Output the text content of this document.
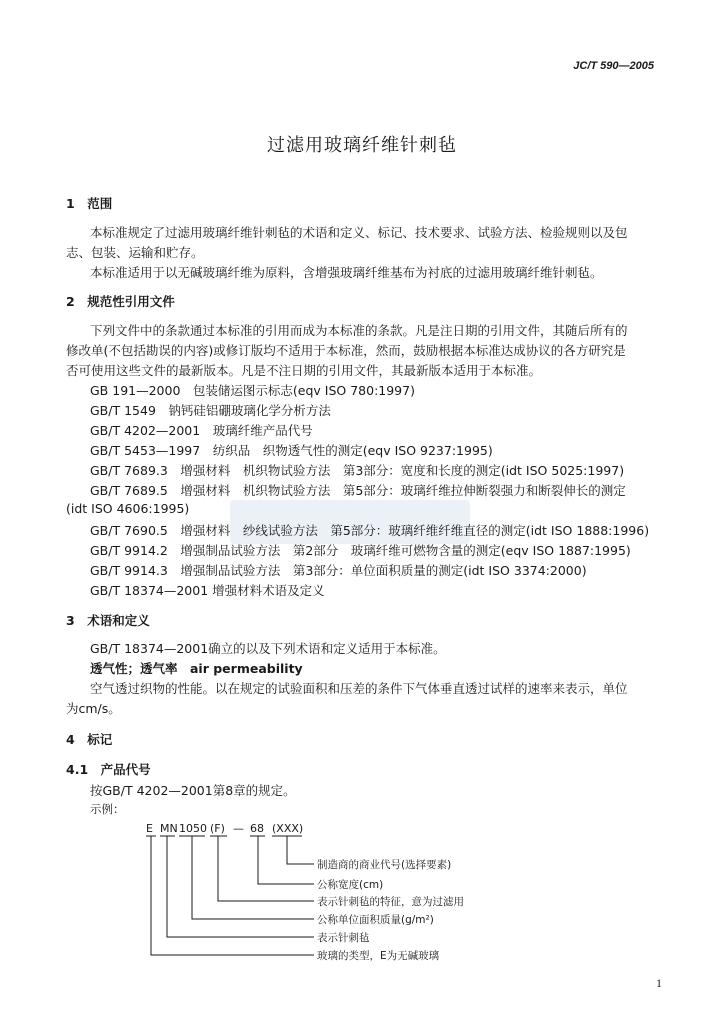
JC/T 590—2005
过滤用玻璃纤维针刺毡
1　范围
本标准规定了过滤用玻璃纤维针刺毡的术语和定义、标记、技术要求、试验方法、检验规则以及包
志、包装、运输和贮存。
本标准适用于以无碱玻璃纤维为原料，含增强玻璃纤维基布为衬底的过滤用玻璃纤维针刺毡。
2　规范性引用文件
下列文件中的条款通过本标准的引用而成为本标准的条款。凡是注日期的引用文件，其随后所有的
修改单(不包括勘误的内容)或修订版均不适用于本标准，然而，鼓励根据本标准达成协议的各方研究是
否可使用这些文件的最新版本。凡是不注日期的引用文件，其最新版本适用于本标准。
GB 191—2000　包装储运图示标志(eqv ISO 780:1997)
GB/T 1549　钠钙硅铝硼玻璃化学分析方法
GB/T 4202—2001　玻璃纤维产品代号
GB/T 5453—1997　纺织品　织物透气性的测定(eqv ISO 9237:1995)
GB/T 7689.3　增强材料　机织物试验方法　第3部分：宽度和长度的测定(idt ISO 5025:1997)
GB/T 7689.5　增强材料　机织物试验方法　第5部分：玻璃纤维拉伸断裂强力和断裂伸长的测定
(idt ISO 4606:1995)
GB/T 7690.5　增强材料　纱线试验方法　第5部分：玻璃纤维纤维直径的测定(idt ISO 1888:1996)
GB/T 9914.2　增强制品试验方法　第2部分　玻璃纤维可燃物含量的测定(eqv ISO 1887:1995)
GB/T 9914.3　增强制品试验方法　第3部分：单位面积质量的测定(idt ISO 3374:2000)
GB/T 18374—2001 增强材料术语及定义
3　术语和定义
GB/T 18374—2001确立的以及下列术语和定义适用于本标准。
透气性；透气率　air permeability
空气透过织物的性能。以在规定的试验面积和压差的条件下气体垂直透过试样的速率来表示，单位
为cm/s。
4　标记
4.1　产品代号
按GB/T 4202—2001第8章的规定。
示例：
E MN 1050 (F) — 68 (XXX)
制造商的商业代号(选择要素)
公称宽度(cm)
表示针刺毡的特征，意为过滤用
公称单位面积质量(g/m²)
表示针刺毡
玻璃的类型，E为无碱玻璃
1
